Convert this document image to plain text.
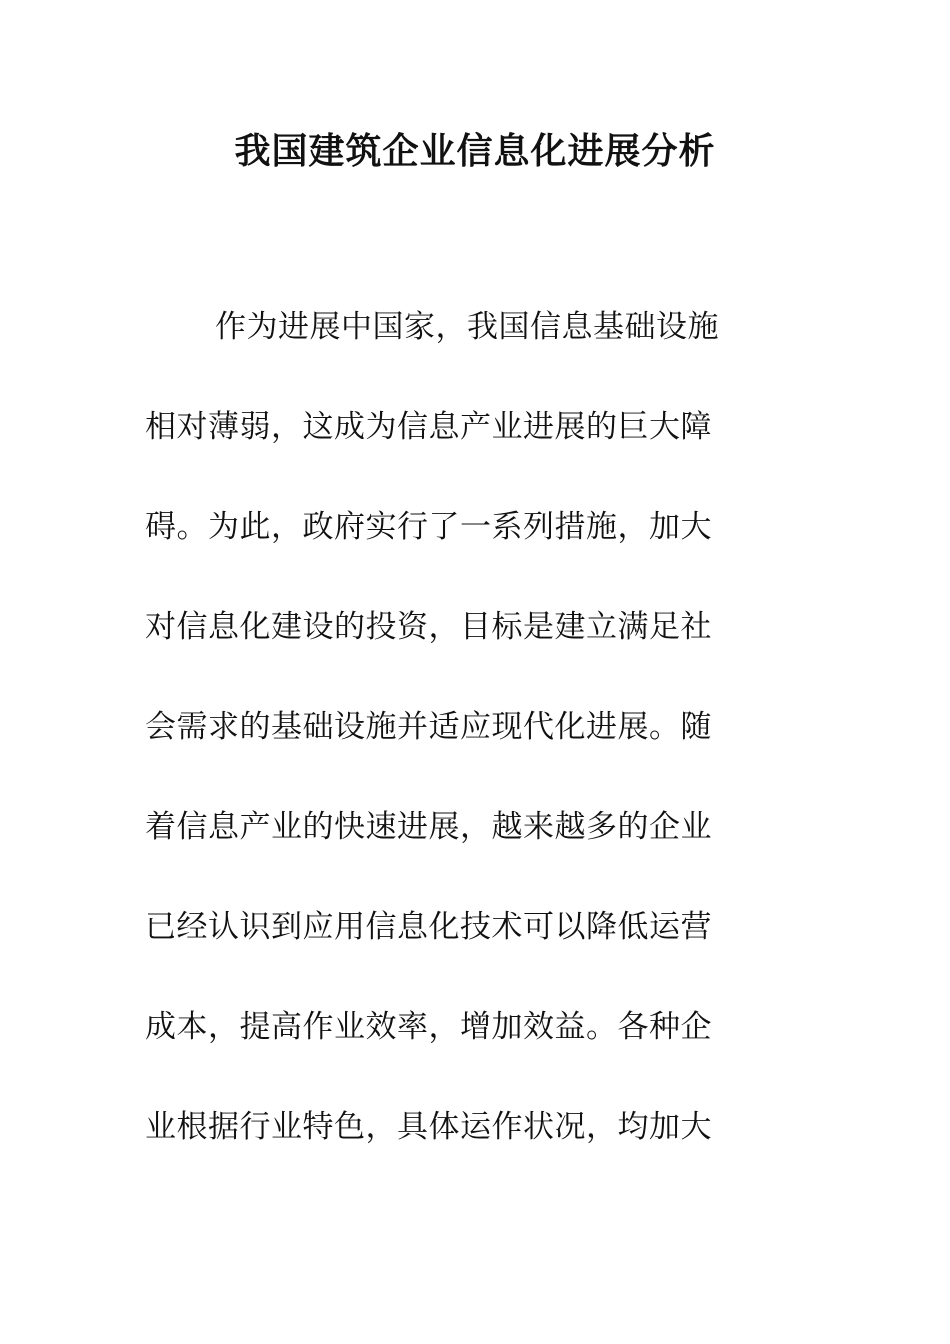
我国建筑企业信息化进展分析
作为进展中国家，我国信息基础设施
相对薄弱，这成为信息产业进展的巨大障
碍。为此，政府实行了一系列措施，加大
对信息化建设的投资，目标是建立满足社
会需求的基础设施并适应现代化进展。随
着信息产业的快速进展，越来越多的企业
已经认识到应用信息化技术可以降低运营
成本，提高作业效率，增加效益。各种企
业根据行业特色，具体运作状况，均加大
